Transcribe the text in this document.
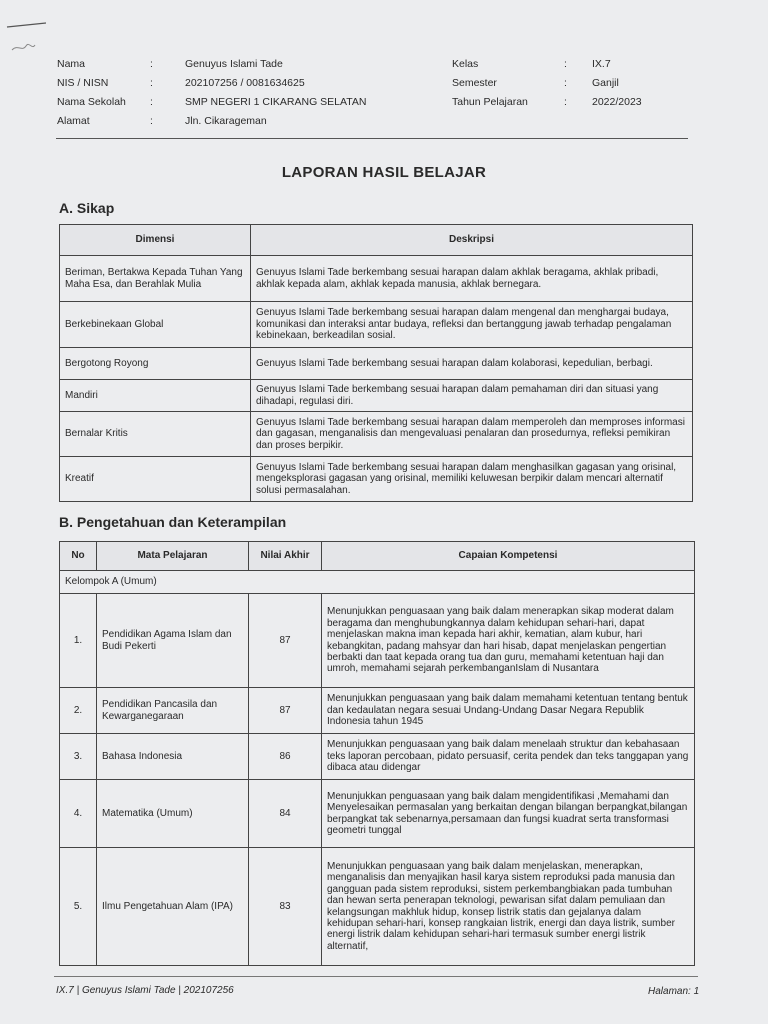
Nama	:	Genuyus Islami Tade	Kelas	: IX.7
NIS / NISN	:	202107256 / 0081634625	Semester	: Ganjil
Nama Sekolah :	SMP NEGERI 1 CIKARANG SELATAN	Tahun Pelajaran	: 2022/2023
Alamat	:	Jln. Cikarageman
LAPORAN HASIL BELAJAR
A. Sikap
Dimensi	Deskripsi
Beriman, Bertakwa Kepada Tuhan Yang Maha Esa, dan Berahlak Mulia	Genuyus Islami Tade berkembang sesuai harapan dalam akhlak beragama, akhlak pribadi, akhlak kepada alam, akhlak kepada manusia, akhlak bernegara.
Berkebinekaan Global	Genuyus Islami Tade berkembang sesuai harapan dalam mengenal dan menghargai budaya, komunikasi dan interaksi antar budaya, refleksi dan bertanggung jawab terhadap pengalaman kebinekaan, berkeadilan sosial.
Bergotong Royong	Genuyus Islami Tade berkembang sesuai harapan dalam kolaborasi, kepedulian, berbagi.
Mandiri	Genuyus Islami Tade berkembang sesuai harapan dalam pemahaman diri dan situasi yang dihadapi, regulasi diri.
Bernalar Kritis	Genuyus Islami Tade berkembang sesuai harapan dalam memperoleh dan memproses informasi dan gagasan, menganalisis dan mengevaluasi penalaran dan prosedurnya, refleksi pemikiran dan proses berpikir.
Kreatif	Genuyus Islami Tade berkembang sesuai harapan dalam menghasilkan gagasan yang orisinal, mengeksplorasi gagasan yang orisinal, memiliki keluwesan berpikir dalam mencari alternatif solusi permasalahan.
B. Pengetahuan dan Keterampilan
No	Mata Pelajaran	Nilai Akhir	Capaian Kompetensi
Kelompok A (Umum)			
1.	Pendidikan Agama Islam dan Budi Pekerti	87	Menunjukkan penguasaan yang baik dalam menerapkan sikap moderat dalam beragama dan menghubungkannya dalam kehidupan sehari-hari, dapat menjelaskan makna iman kepada hari akhir, kematian, alam kubur, hari kebangkitan, padang mahsyar dan hari hisab, dapat menjelaskan pengertian berbakti dan taat kepada orang tua dan guru, memahami ketentuan haji dan umroh, memahami sejarah perkembanganIslam di Nusantara
2.	Pendidikan Pancasila dan Kewarganegaraan	87	Menunjukkan penguasaan yang baik dalam memahami ketentuan tentang bentuk dan kedaulatan negara sesuai Undang-Undang Dasar Negara Republik Indonesia tahun 1945
3.	Bahasa Indonesia	86	Menunjukkan penguasaan yang baik dalam menelaah struktur dan kebahasaan teks laporan percobaan, pidato persuasif, cerita pendek dan teks tanggapan yang dibaca atau didengar
4.	Matematika (Umum)	84	Menunjukkan penguasaan yang baik dalam mengidentifikasi ,Memahami dan Menyelesaikan permasalan yang berkaitan dengan bilangan berpangkat,bilangan berpangkat tak sebenarnya,persamaan dan fungsi kuadrat serta transformasi geometri tunggal
5.	Ilmu Pengetahuan Alam (IPA)	83	Menunjukkan penguasaan yang baik dalam menjelaskan, menerapkan, menganalisis dan menyajikan hasil karya sistem reproduksi pada manusia dan gangguan pada sistem reproduksi, sistem perkembangbiakan pada tumbuhan dan hewan serta penerapan teknologi, pewarisan sifat dalam pemuliaan dan kelangsungan makhluk hidup, konsep listrik statis dan gejalanya dalam kehidupan sehari-hari, konsep rangkaian listrik, energi dan daya listrik, sumber energi listrik dalam kehidupan sehari-hari termasuk sumber energi listrik alternatif,
IX.7 | Genuyus Islami Tade | 202107256	Halaman: 1
